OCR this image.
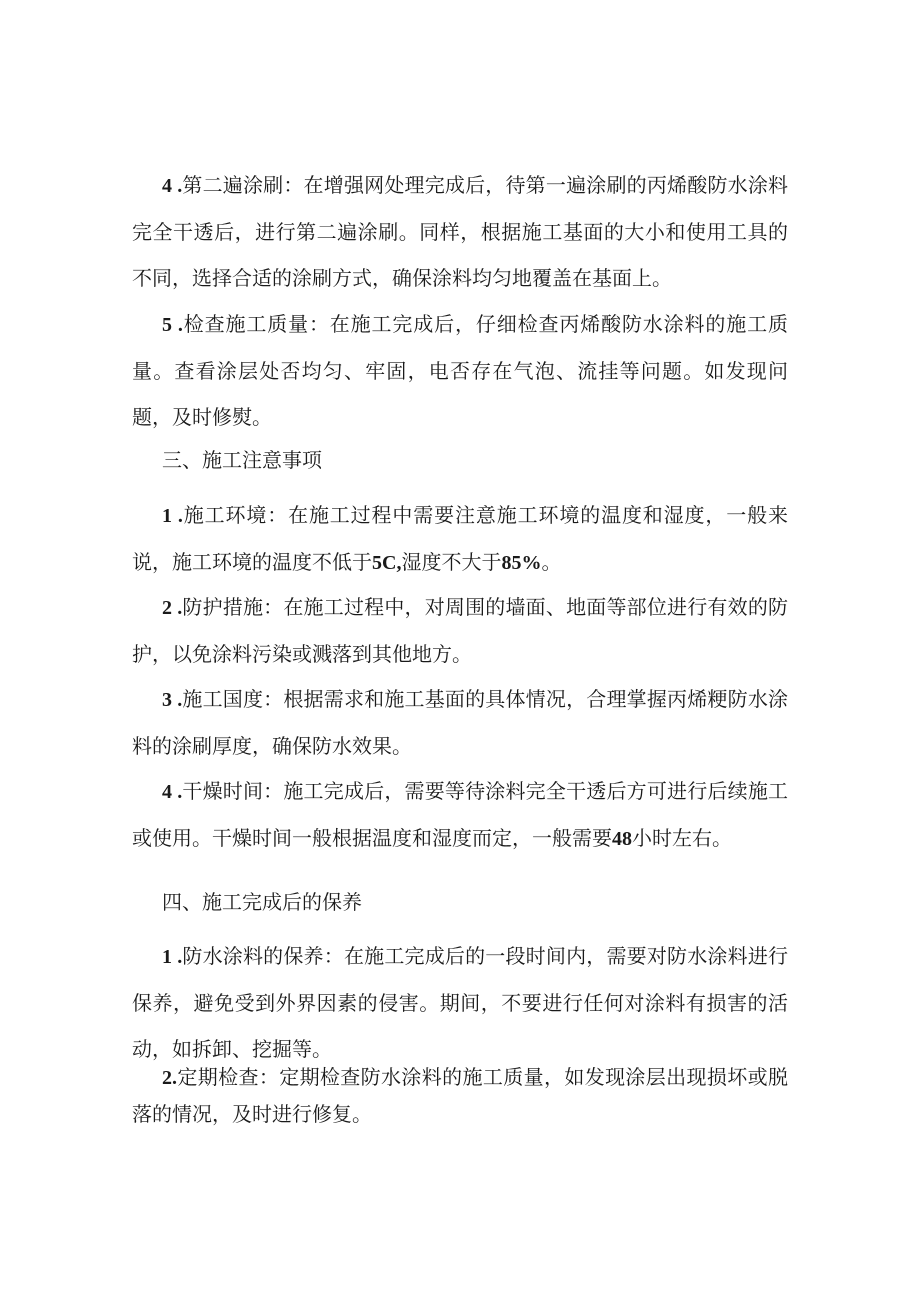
4 .第二遍涂刷：在增强网处理完成后，待第一遍涂刷的丙烯酸防水涂料完全干透后，进行第二遍涂刷。同样，根据施工基面的大小和使用工具的不同，选择合适的涂刷方式，确保涂料均匀地覆盖在基面上。

5 .检查施工质量：在施工完成后，仔细检查丙烯酸防水涂料的施工质量。查看涂层处否均匀、牢固，电否存在气泡、流挂等问题。如发现问题，及时修熨。

三、施工注意事项

1 .施工环境：在施工过程中需要注意施工环境的温度和湿度，一般来说，施工环境的温度不低于5C,湿度不大于85%。

2 .防护措施：在施工过程中，对周围的墙面、地面等部位进行有效的防护，以免涂料污染或溅落到其他地方。

3 .施工国度：根据需求和施工基面的具体情况，合理掌握丙烯粳防水涂料的涂刷厚度，确保防水效果。

4 .干燥时间：施工完成后，需要等待涂料完全干透后方可进行后续施工或使用。干燥时间一般根据温度和湿度而定，一般需要48小时左右。

四、施工完成后的保养

1 .防水涂料的保养：在施工完成后的一段时间内，需要对防水涂料进行保养，避免受到外界因素的侵害。期间，不要进行任何对涂料有损害的活动，如拆卸、挖掘等。

2.定期检查：定期检查防水涂料的施工质量，如发现涂层出现损坏或脱落的情况，及时进行修复。
